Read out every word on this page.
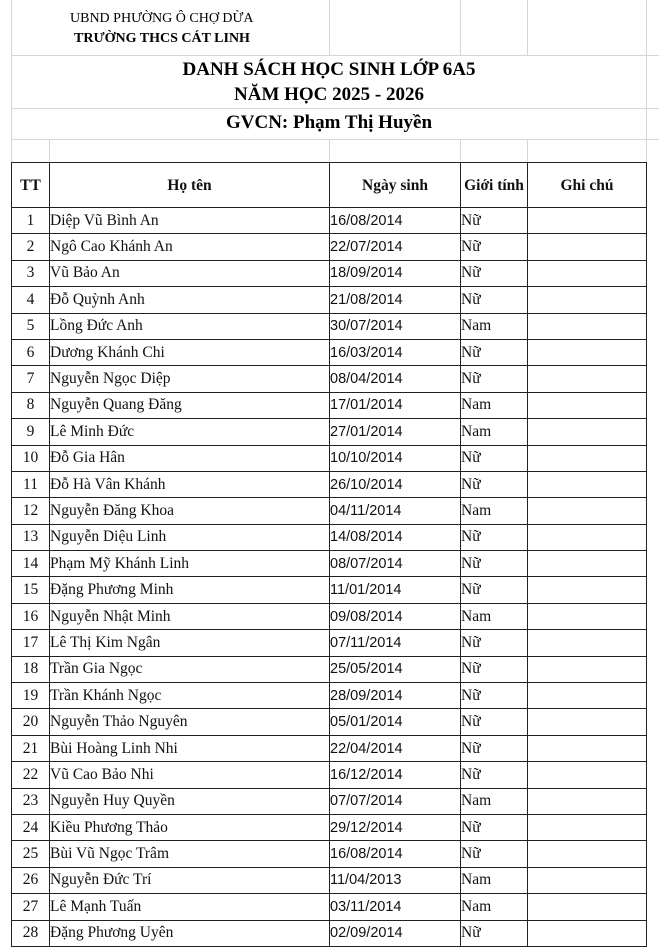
UBND PHƯỜNG Ô CHỢ DỪA
TRƯỜNG THCS CÁT LINH
DANH SÁCH HỌC SINH LỚP 6A5
NĂM HỌC 2025 - 2026
GVCN: Phạm Thị Huyền
TT	Họ tên	Ngày sinh	Giới tính	Ghi chú
1	Diệp Vũ Bình An	16/08/2014	Nữ	
2	Ngô Cao Khánh An	22/07/2014	Nữ	
3	Vũ Bảo An	18/09/2014	Nữ	
4	Đỗ Quỳnh Anh	21/08/2014	Nữ	
5	Lồng Đức Anh	30/07/2014	Nam	
6	Dương Khánh Chi	16/03/2014	Nữ	
7	Nguyễn Ngọc Diệp	08/04/2014	Nữ	
8	Nguyễn Quang Đăng	17/01/2014	Nam	
9	Lê Minh Đức	27/01/2014	Nam	
10	Đỗ Gia Hân	10/10/2014	Nữ	
11	Đỗ Hà Vân Khánh	26/10/2014	Nữ	
12	Nguyễn Đăng Khoa	04/11/2014	Nam	
13	Nguyễn Diệu Linh	14/08/2014	Nữ	
14	Phạm Mỹ Khánh Linh	08/07/2014	Nữ	
15	Đặng Phương Minh	11/01/2014	Nữ	
16	Nguyễn Nhật Minh	09/08/2014	Nam	
17	Lê Thị Kim Ngân	07/11/2014	Nữ	
18	Trần Gia Ngọc	25/05/2014	Nữ	
19	Trần Khánh Ngọc	28/09/2014	Nữ	
20	Nguyễn Thảo Nguyên	05/01/2014	Nữ	
21	Bùi Hoàng Linh Nhi	22/04/2014	Nữ	
22	Vũ Cao Bảo Nhi	16/12/2014	Nữ	
23	Nguyễn Huy Quyền	07/07/2014	Nam	
24	Kiều Phương Thảo	29/12/2014	Nữ	
25	Bùi Vũ Ngọc Trâm	16/08/2014	Nữ	
26	Nguyễn Đức Trí	11/04/2013	Nam	
27	Lê Mạnh Tuấn	03/11/2014	Nam	
28	Đặng Phương Uyên	02/09/2014	Nữ	
